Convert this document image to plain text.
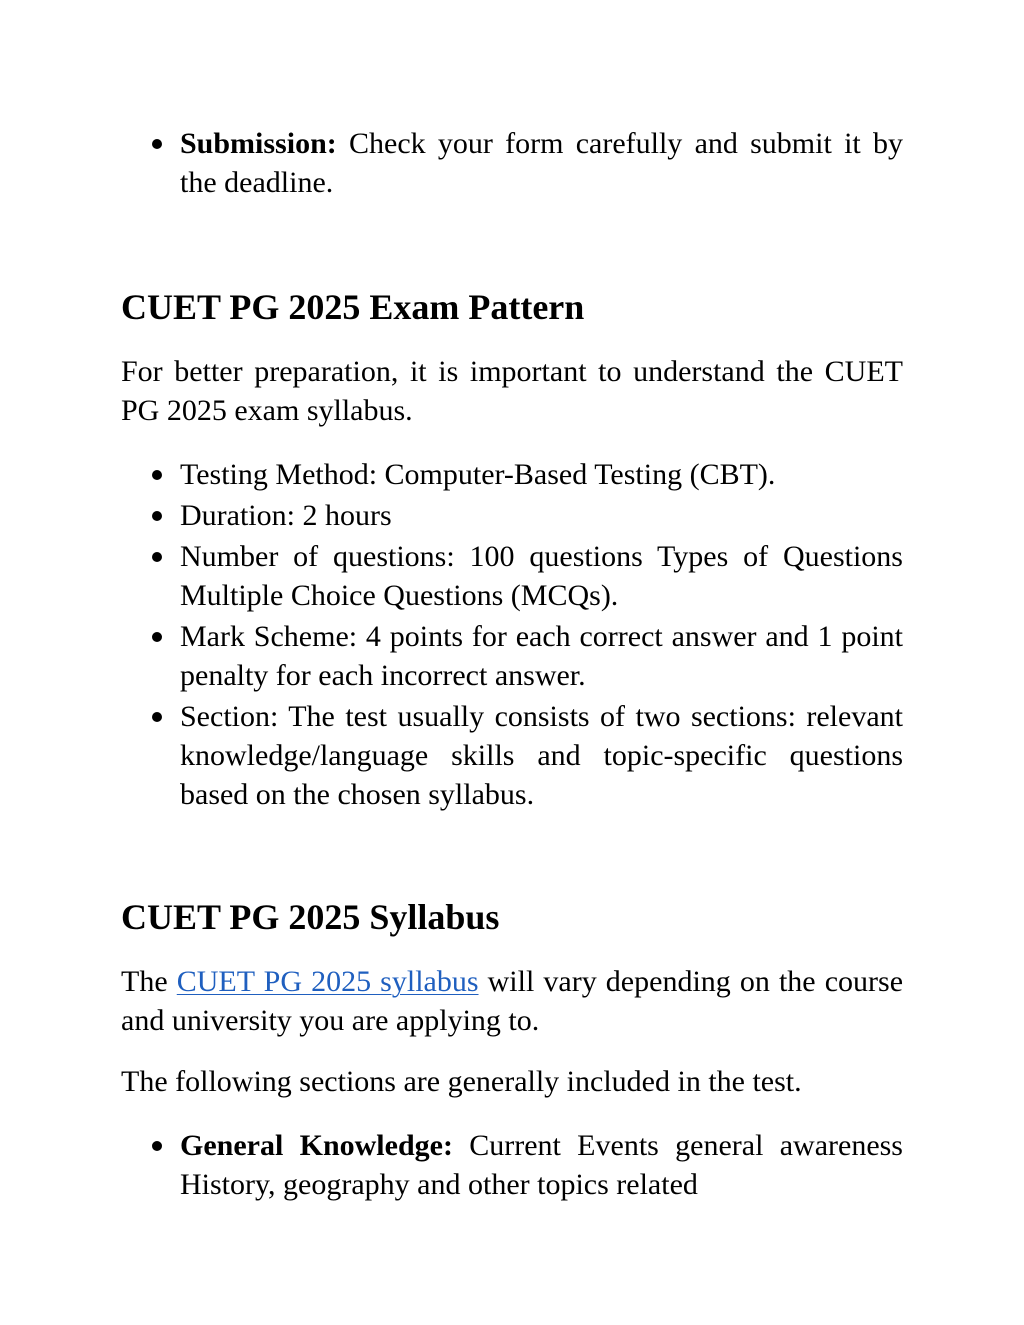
Submission: Check your form carefully and submit it by the deadline.
CUET PG 2025 Exam Pattern

For better preparation, it is important to understand the CUET PG 2025 exam syllabus.

Testing Method: Computer-Based Testing (CBT).
Duration: 2 hours
Number of questions: 100 questions Types of Questions Multiple Choice Questions (MCQs).
Mark Scheme: 4 points for each correct answer and 1 point penalty for each incorrect answer.
Section: The test usually consists of two sections: relevant knowledge/language skills and topic-specific questions based on the chosen syllabus.
CUET PG 2025 Syllabus

The CUET PG 2025 syllabus will vary depending on the course and university you are applying to.

The following sections are generally included in the test.

General Knowledge: Current Events general awareness History, geography and other topics related
